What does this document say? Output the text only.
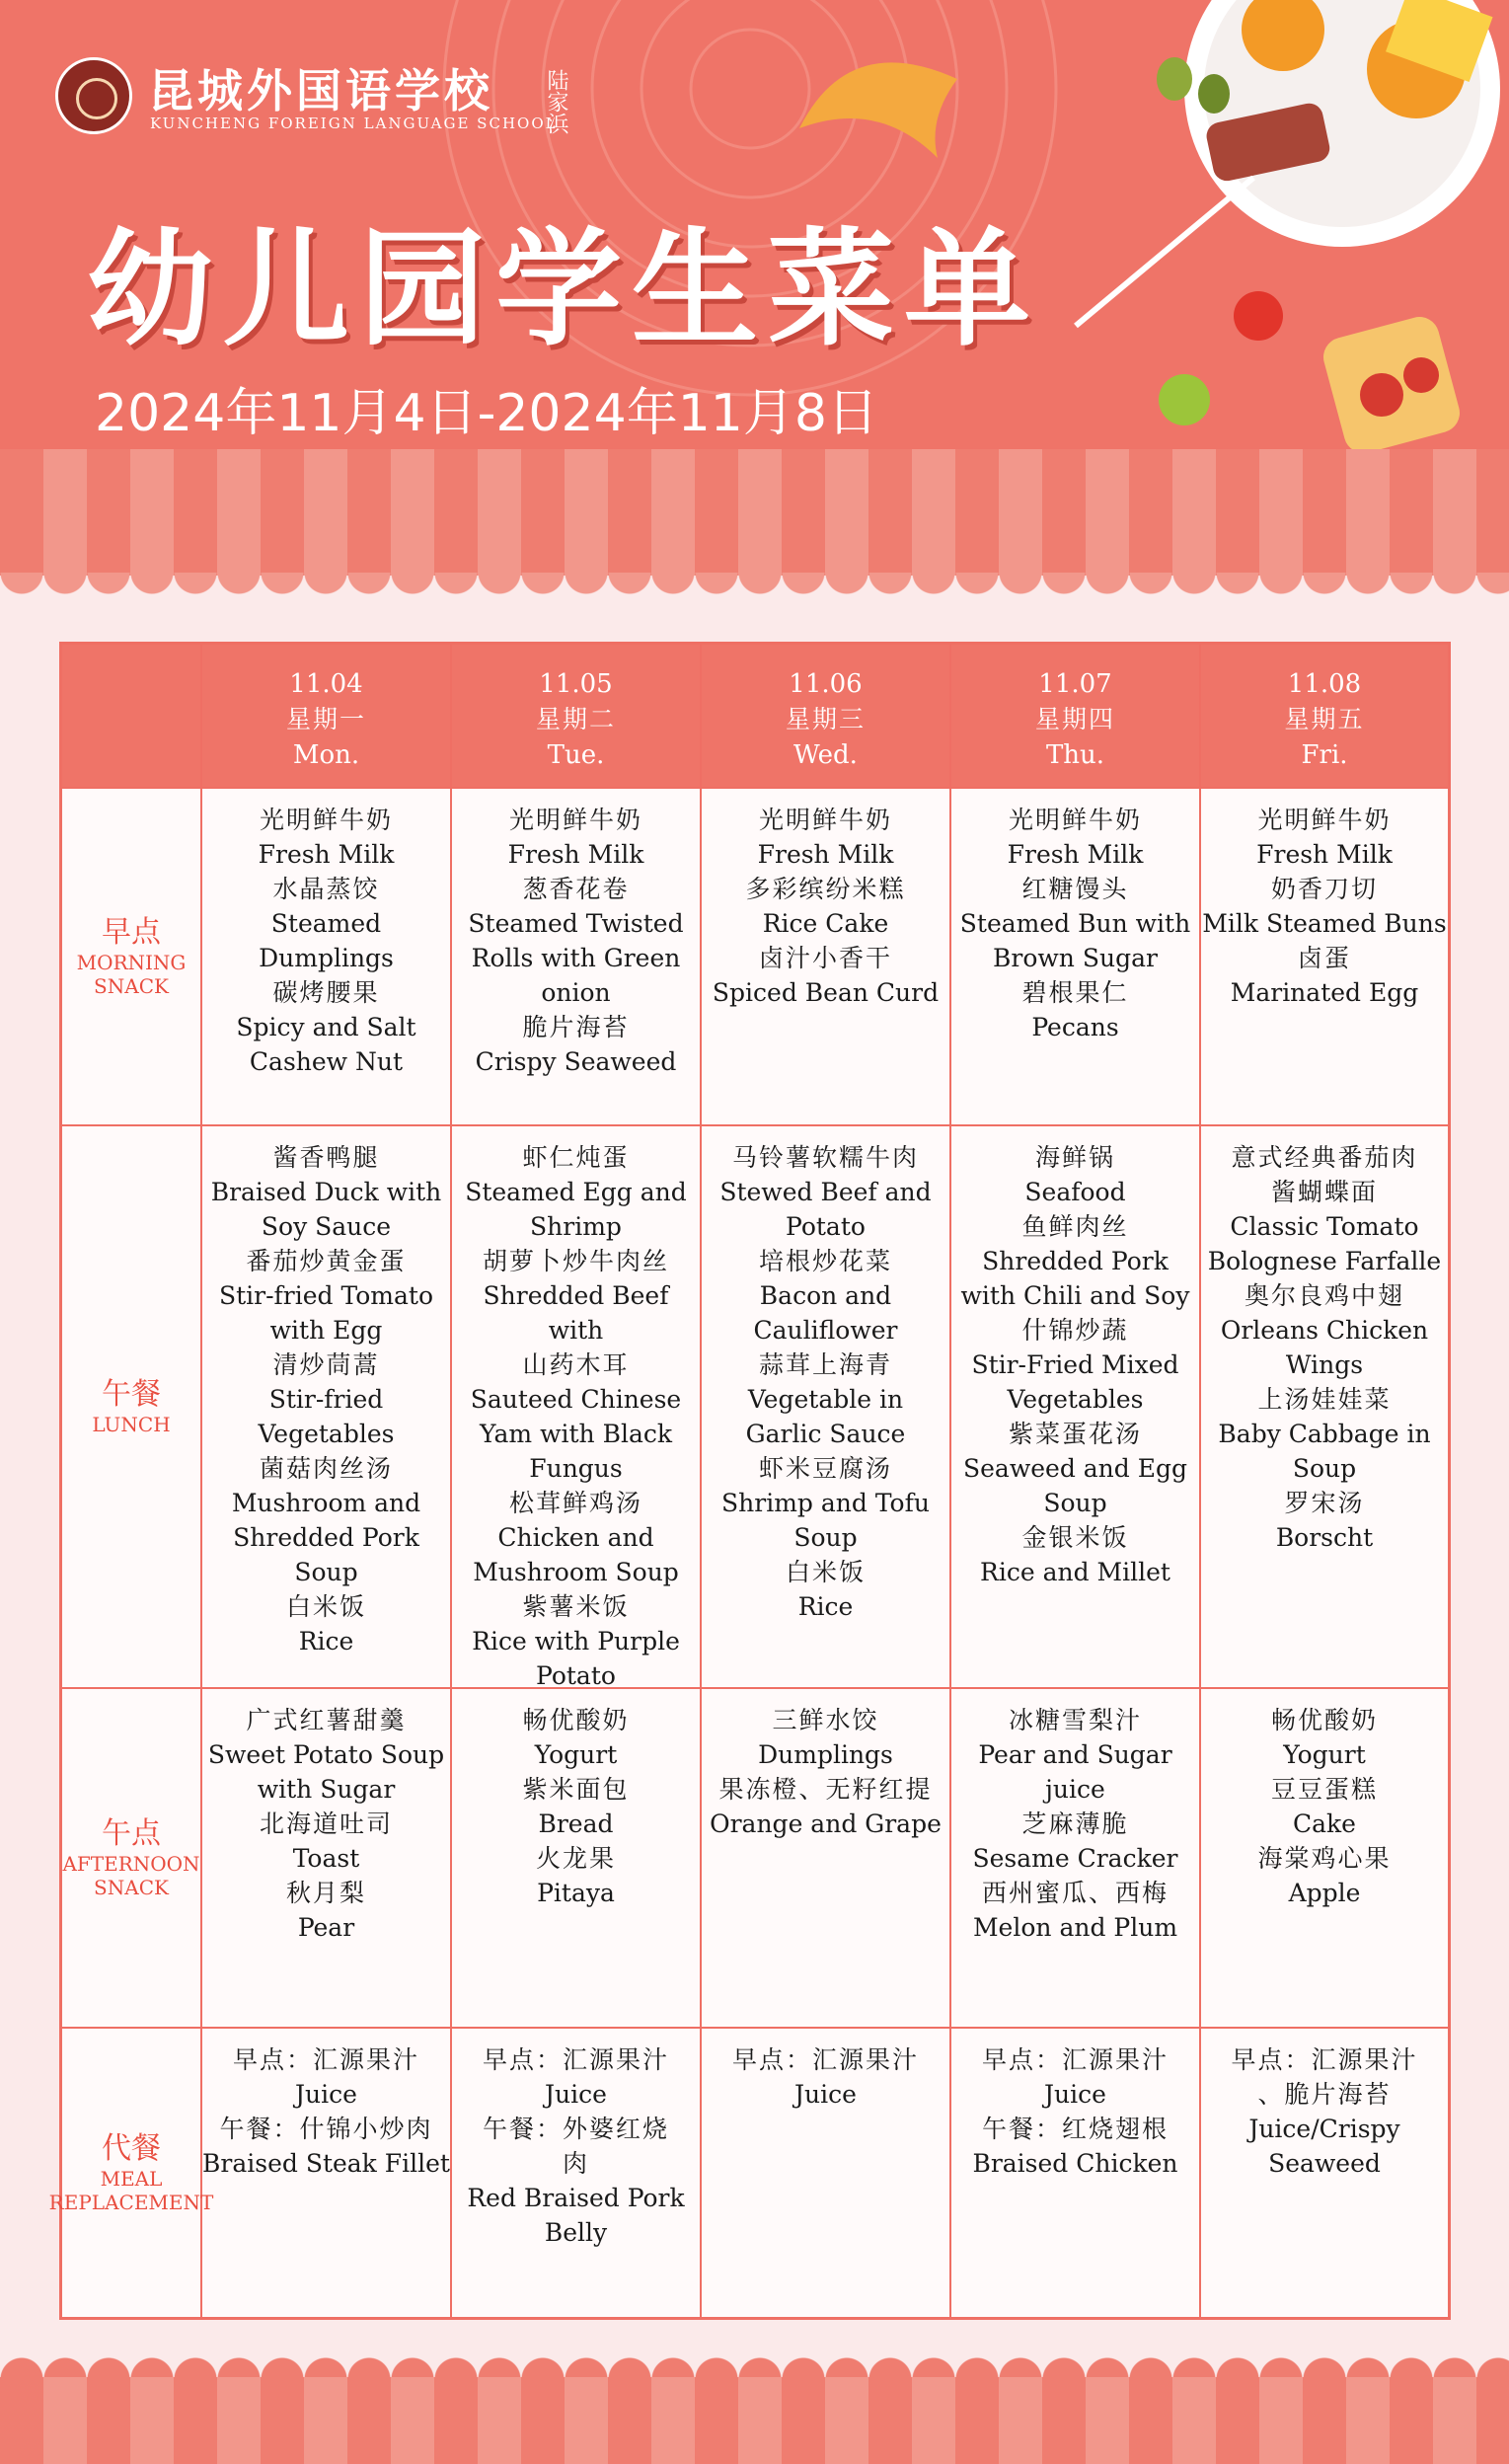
昆城外国语学校
KUNCHENG FOREIGN LANGUAGE SCHOOL
陆家浜
幼儿园学生菜单
2024年11月4日-2024年11月8日
11.04
星期一
Mon.
11.05
星期二
Tue.
11.06
星期三
Wed.
11.07
星期四
Thu.
11.08
星期五
Fri.
早点
MORNING
SNACK
光明鲜牛奶
Fresh Milk
水晶蒸饺
Steamed
Dumplings
碳烤腰果
Spicy and Salt
Cashew Nut
光明鲜牛奶
Fresh Milk
葱香花卷
Steamed Twisted
Rolls with Green
onion
脆片海苔
Crispy Seaweed
光明鲜牛奶
Fresh Milk
多彩缤纷米糕
Rice Cake
卤汁小香干
Spiced Bean Curd
光明鲜牛奶
Fresh Milk
红糖馒头
Steamed Bun with
Brown Sugar
碧根果仁
Pecans
光明鲜牛奶
Fresh Milk
奶香刀切
Milk Steamed Buns
卤蛋
Marinated Egg
午餐
LUNCH
酱香鸭腿
Braised Duck with
Soy Sauce
番茄炒黄金蛋
Stir-fried Tomato
with Egg
清炒茼蒿
Stir-fried
Vegetables
菌菇肉丝汤
Mushroom and
Shredded Pork
Soup
白米饭
Rice
虾仁炖蛋
Steamed Egg and
Shrimp
胡萝卜炒牛肉丝
Shredded Beef
with
山药木耳
Sauteed Chinese
Yam with Black
Fungus
松茸鲜鸡汤
Chicken and
Mushroom Soup
紫薯米饭
Rice with Purple
Potato
马铃薯软糯牛肉
Stewed Beef and
Potato
培根炒花菜
Bacon and
Cauliflower
蒜茸上海青
Vegetable in
Garlic Sauce
虾米豆腐汤
Shrimp and Tofu
Soup
白米饭
Rice
海鲜锅
Seafood
鱼鲜肉丝
Shredded Pork
with Chili and Soy
什锦炒蔬
Stir-Fried Mixed
Vegetables
紫菜蛋花汤
Seaweed and Egg
Soup
金银米饭
Rice and Millet
意式经典番茄肉
酱蝴蝶面
Classic Tomato
Bolognese Farfalle
奥尔良鸡中翅
Orleans Chicken
Wings
上汤娃娃菜
Baby Cabbage in
Soup
罗宋汤
Borscht
午点
AFTERNOON
SNACK
广式红薯甜羹
Sweet Potato Soup
with Sugar
北海道吐司
Toast
秋月梨
Pear
畅优酸奶
Yogurt
紫米面包
Bread
火龙果
Pitaya
三鲜水饺
Dumplings
果冻橙、无籽红提
Orange and Grape
冰糖雪梨汁
Pear and Sugar
juice
芝麻薄脆
Sesame Cracker
西州蜜瓜、西梅
Melon and Plum
畅优酸奶
Yogurt
豆豆蛋糕
Cake
海棠鸡心果
Apple
代餐
MEAL
REPLACEMENT
早点：汇源果汁
Juice
午餐：什锦小炒肉
Braised Steak Fillet
早点：汇源果汁
Juice
午餐：外婆红烧
肉
Red Braised Pork
Belly
早点：汇源果汁
Juice
早点：汇源果汁
Juice
午餐：红烧翅根
Braised Chicken
早点：汇源果汁
、脆片海苔
Juice/Crispy
Seaweed
